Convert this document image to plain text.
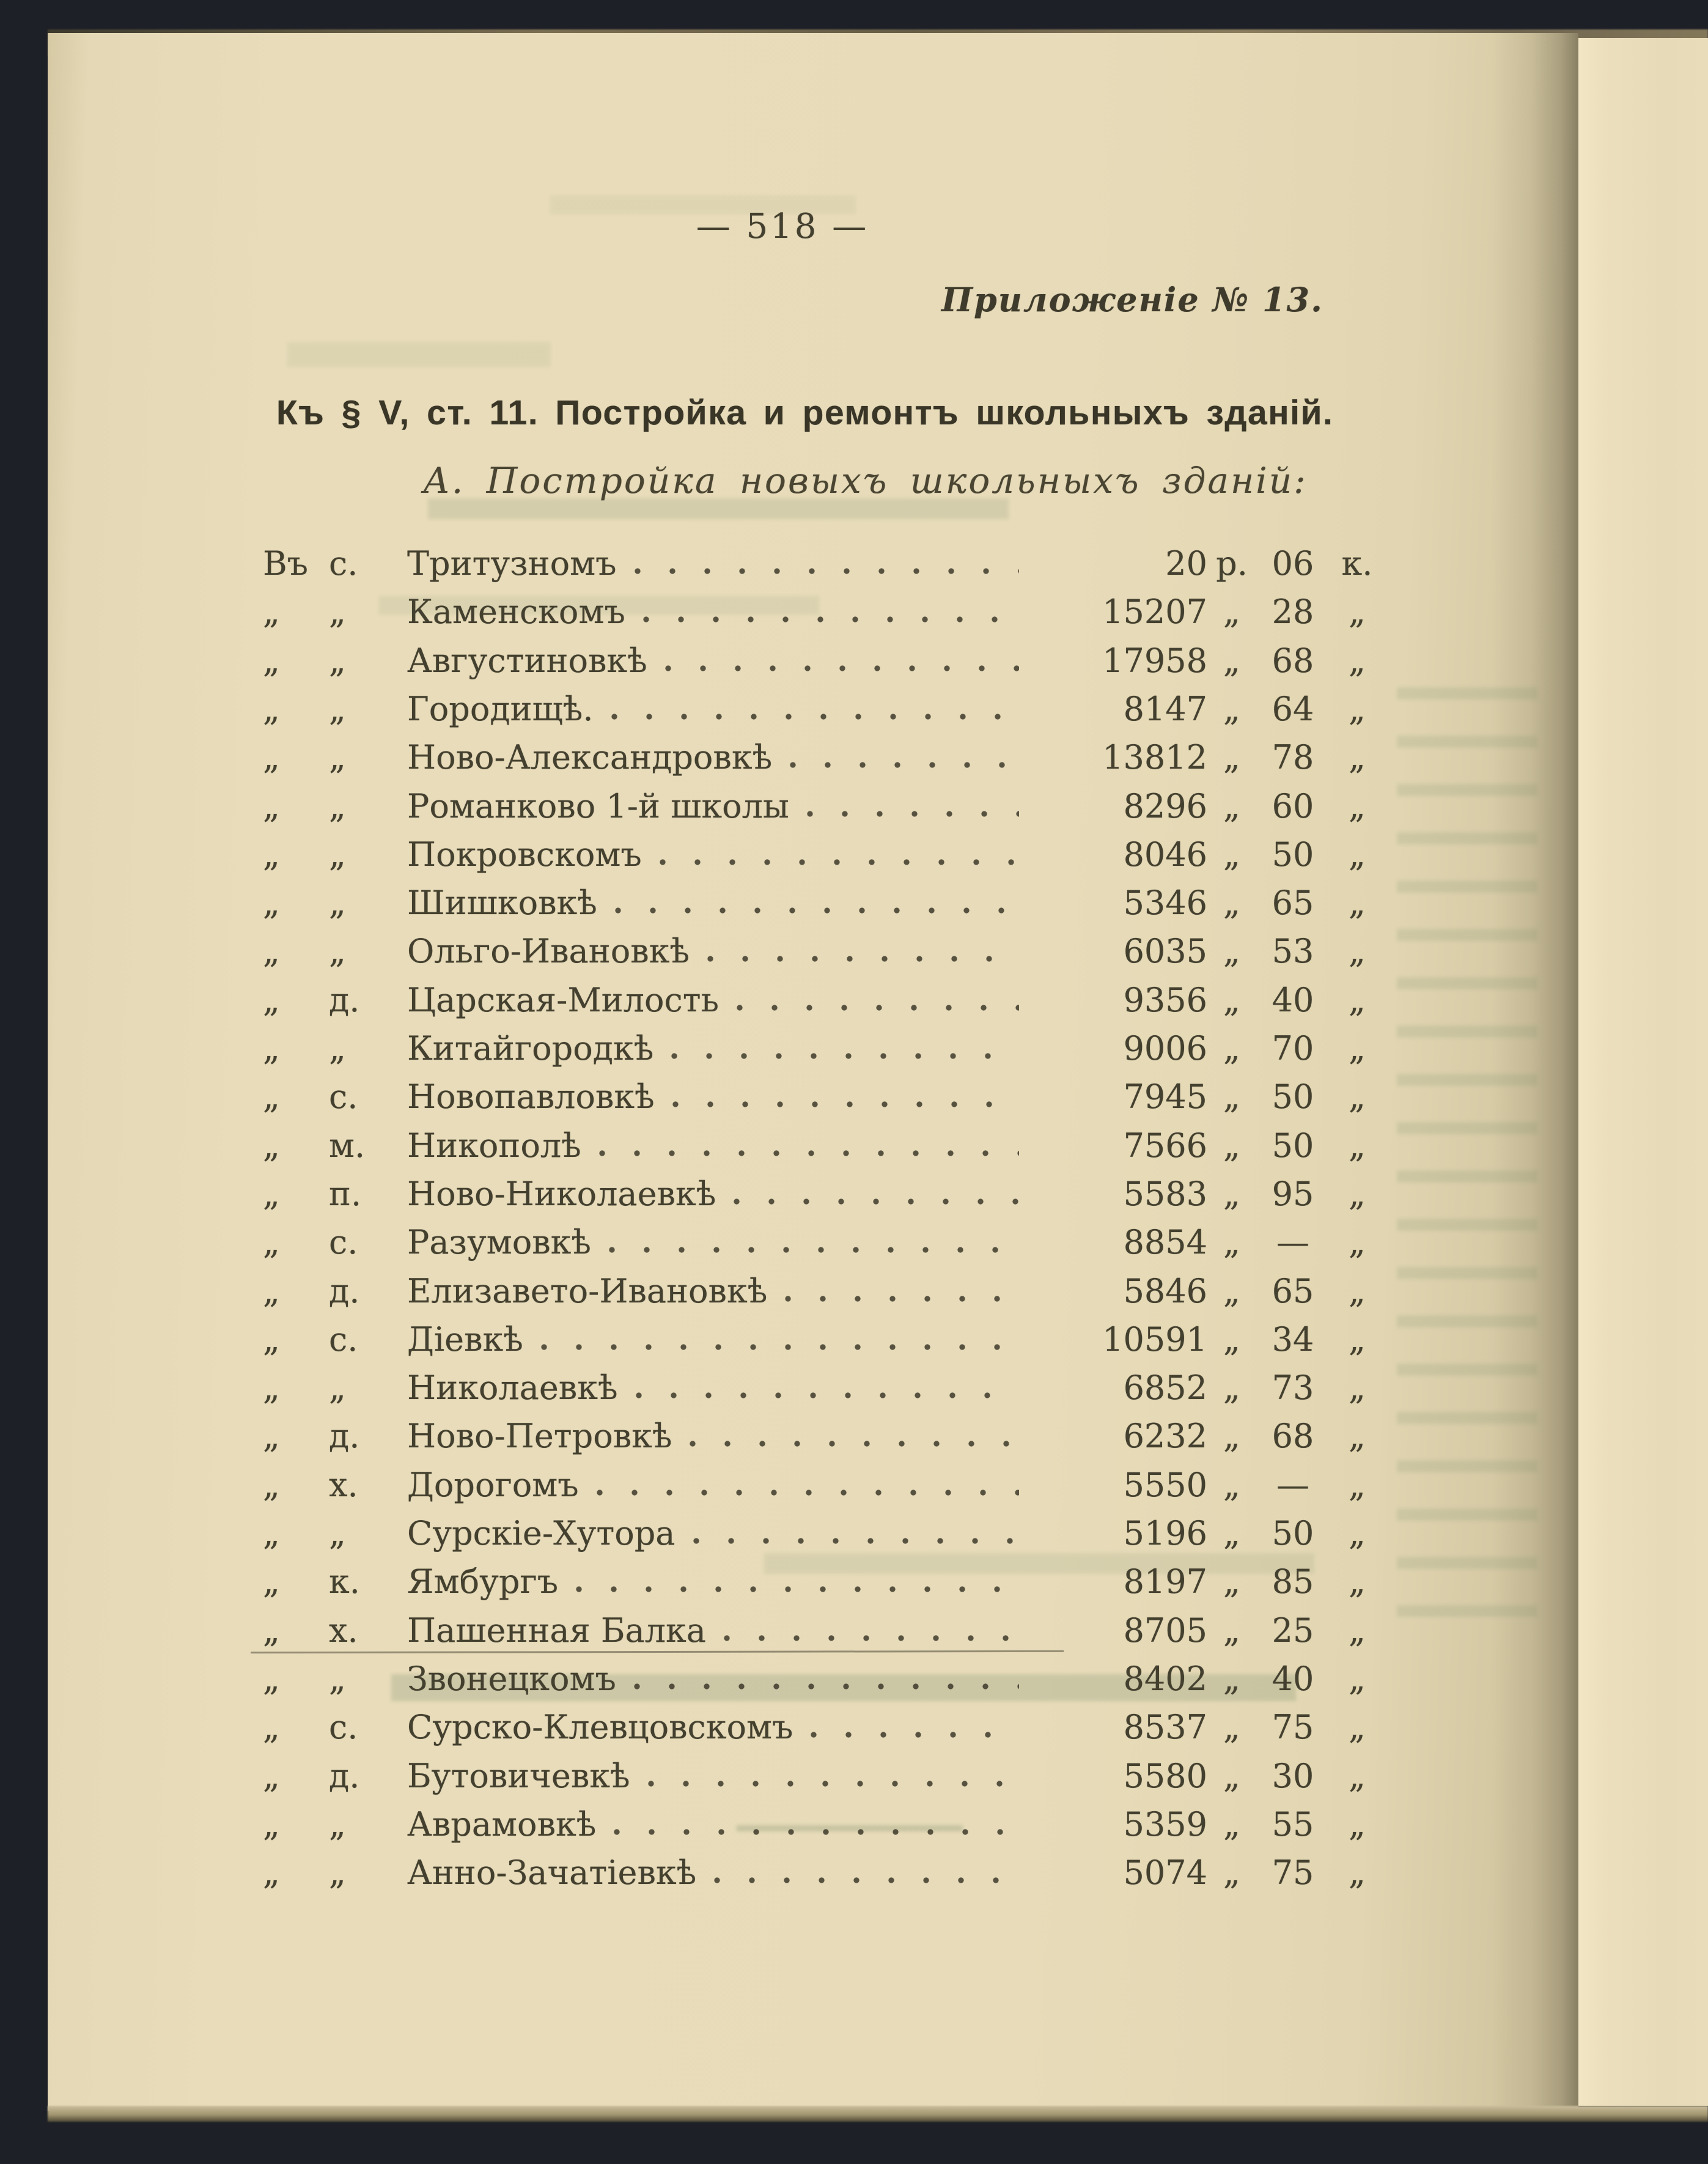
— 518 —
Приложеніе № 13.
Къ § V, ст. 11. Постройка и ремонтъ школьныхъ зданій.
А. Постройка новыхъ школьныхъ зданій:
Въ с.	Тритузномъ	20 р. 06 к.
„	„	Каменскомъ	15207 „ 28	„
„	„	Августиновкѣ	17958 „ 68	„
„	„	Городищѣ.	8147 „ 64	„
„	„	Ново-Александровкѣ	13812 „ 78	„
„	„	Романково 1-й школы	8296 „ 60	„
„	„	Покровскомъ	8046 „ 50	„
„	„	Шишковкѣ	5346 „ 65	„
„	„	Ольго-Ивановкѣ	6035 „ 53	„
„	д.	Царская-Милость	9356 „ 40	„
„	„	Китайгородкѣ	9006 „ 70	„
„	с.	Новопавловкѣ	7945 „ 50	„
„	м.	Никополѣ	7566 „ 50	„
„	п.	Ново-Николаевкѣ	5583 „ 95	„
„	с.	Разумовкѣ	8854 „	—	„
„	д.	Елизавето-Ивановкѣ	5846 „ 65	„
„	с.	Діевкѣ	10591 „ 34	„
„	„	Николаевкѣ	6852 „ 73	„
„	д.	Ново-Петровкѣ	6232 „ 68	„
„	х.	Дорогомъ	5550 „	—	„
„	„	Сурскіе-Хутора	5196 „ 50	„
„	к.	Ямбургъ	8197 „ 85	„
„	х.	Пашенная Балка	8705 „ 25	„
„	„	Звонецкомъ	8402 „ 40	„
„	с.	Сурско-Клевцовскомъ	8537 „ 75	„
„	д.	Бутовичевкѣ	5580 „ 30	„
„	„	Аврамовкѣ	5359 „ 55	„
„	„	Анно-Зачатіевкѣ	5074 „ 75	„
